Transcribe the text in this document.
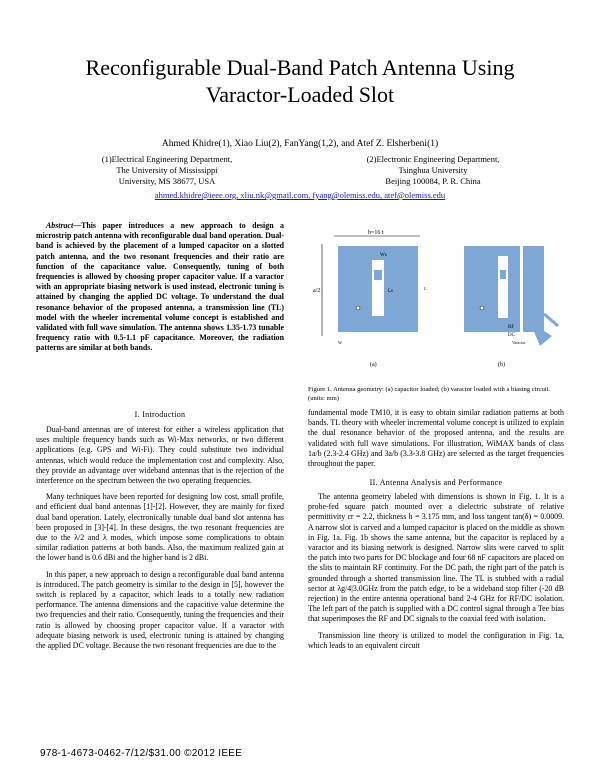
Reconfigurable Dual-Band Patch Antenna Using
Varactor-Loaded Slot
Ahmed Khidre(1), Xiao Liu(2), FanYang(1,2), and Atef Z. Elsherbeni(1)
(1)Electrical Engineering Department,
The University of Mississippi
University, MS 38677, USA
(2)Electronic Engineering Department,
Tsinghua University
Beijing 100084, P. R. China
ahmed.khidre@ieee.org, xliu.nk@gmail.com, fyang@olemiss.edu, atef@olemiss.edu

Abstract—This paper introduces a new approach to design a microstrip patch antenna with reconfigurable dual band operation. Dual-band is achieved by the placement of a lumped capacitor on a slotted patch antenna, and the two resonant frequencies and their ratio are function of the capacitance value. Consequently, tuning of both frequencies is allowed by choosing proper capacitor value. If a varactor with an appropriate biasing network is used instead, electronic tuning is attained by changing the applied DC voltage. To understand the dual resonance behavior of the proposed antenna, a transmission line (TL) model with the wheeler incremental volume concept is established and validated with full wave simulation. The antenna shows 1.35-1.73 tunable frequency ratio with 0.5-1.1 pF capacitance. Moreover, the radiation patterns are similar at both bands.

I. Introduction

Dual-band antennas are of interest for either a wireless application that uses multiple frequency bands such as Wi-Max networks, or two different applications (e.g. GPS and Wi-Fi). They could substitute two individual antennas, which would reduce the implementation cost and complexity. Also, they provide an advantage over wideband antennas that is the rejection of the interference on the spectrum between the two operating frequencies.

Many techniques have been reported for designing low cost, small profile, and efficient dual band antennas [1]-[2]. However, they are mainly for fixed dual band operation. Lately, electronically tunable dual band slot antenna has been proposed in [3]-[4]. In these designs, the two resonant frequencies are due to the λ/2 and λ modes, which impose some complications to obtain similar radiation patterns at both bands. Also, the maximum realized gain at the lower band is 0.6 dBi and the higher band is 2 dBi.

In this paper, a new approach to design a reconfigurable dual band antenna is introduced. The patch geometry is similar to the design in [5], however the switch is replaced by a capacitor, which leads to a totally new radiation performance. The antenna dimensions and the capacitive value determine the two frequencies and their ratio. Consequently, tuning the frequencies and their ratio is allowed by choosing proper capacitor value. If a varactor with adequate biasing network is used, electronic tuning is attained by changing the applied DC voltage. Because the two resonant frequencies are due to the

b=16 t
a/2
Ws
Ls
(a)
RF
DC
(b)
W
L
Varactor
Figure 1. Antenna geometry: (a) capacitor loaded; (b) varactor loaded with a biasing circuit. (units: mm)

fundamental mode TM10, it is easy to obtain similar radiation patterns at both bands. TL theory with wheeler incremental volume concept is utilized to explain the dual resonance behavior of the proposed antenna, and the results are validated with full wave simulations. For illustration, WiMAX bands of class 1a/b (2.3-2.4 GHz) and 3a/b (3.3-3.8 GHz) are selected as the target frequencies throughout the paper.

II. Antenna Analysis and Performance

The antenna geometry labeled with dimensions is shown in Fig. 1. It is a probe-fed square patch mounted over a dielectric substrate of relative permittivity εr = 2.2, thickness h = 3.175 mm, and loss tangent tan(δ) = 0.0009. A narrow slot is carved and a lumped capacitor is placed on the middle as shown in Fig. 1a. Fig. 1b shows the same antenna, but the capacitor is replaced by a varactor and its biasing network is designed. Narrow slits were carved to split the patch into two parts for DC blockage and four 68 nF capacitors are placed on the slits to maintain RF continuity. For the DC path, the right part of the patch is grounded through a shorted transmission line. The TL is stubbed with a radial sector at λg/4|3.0GHz from the patch edge, to be a wideband stop filter (-20 dB rejection) in the entire antenna operational band 2-4 GHz for RF/DC isolation. The left part of the patch is supplied with a DC control signal through a Tee bias that superimposes the RF and DC signals to the coaxial feed with isolation.

Transmission line theory is utilized to model the configuration in Fig. 1a, which leads to an equivalent circuit

978-1-4673-0462-7/12/$31.00 ©2012 IEEE
